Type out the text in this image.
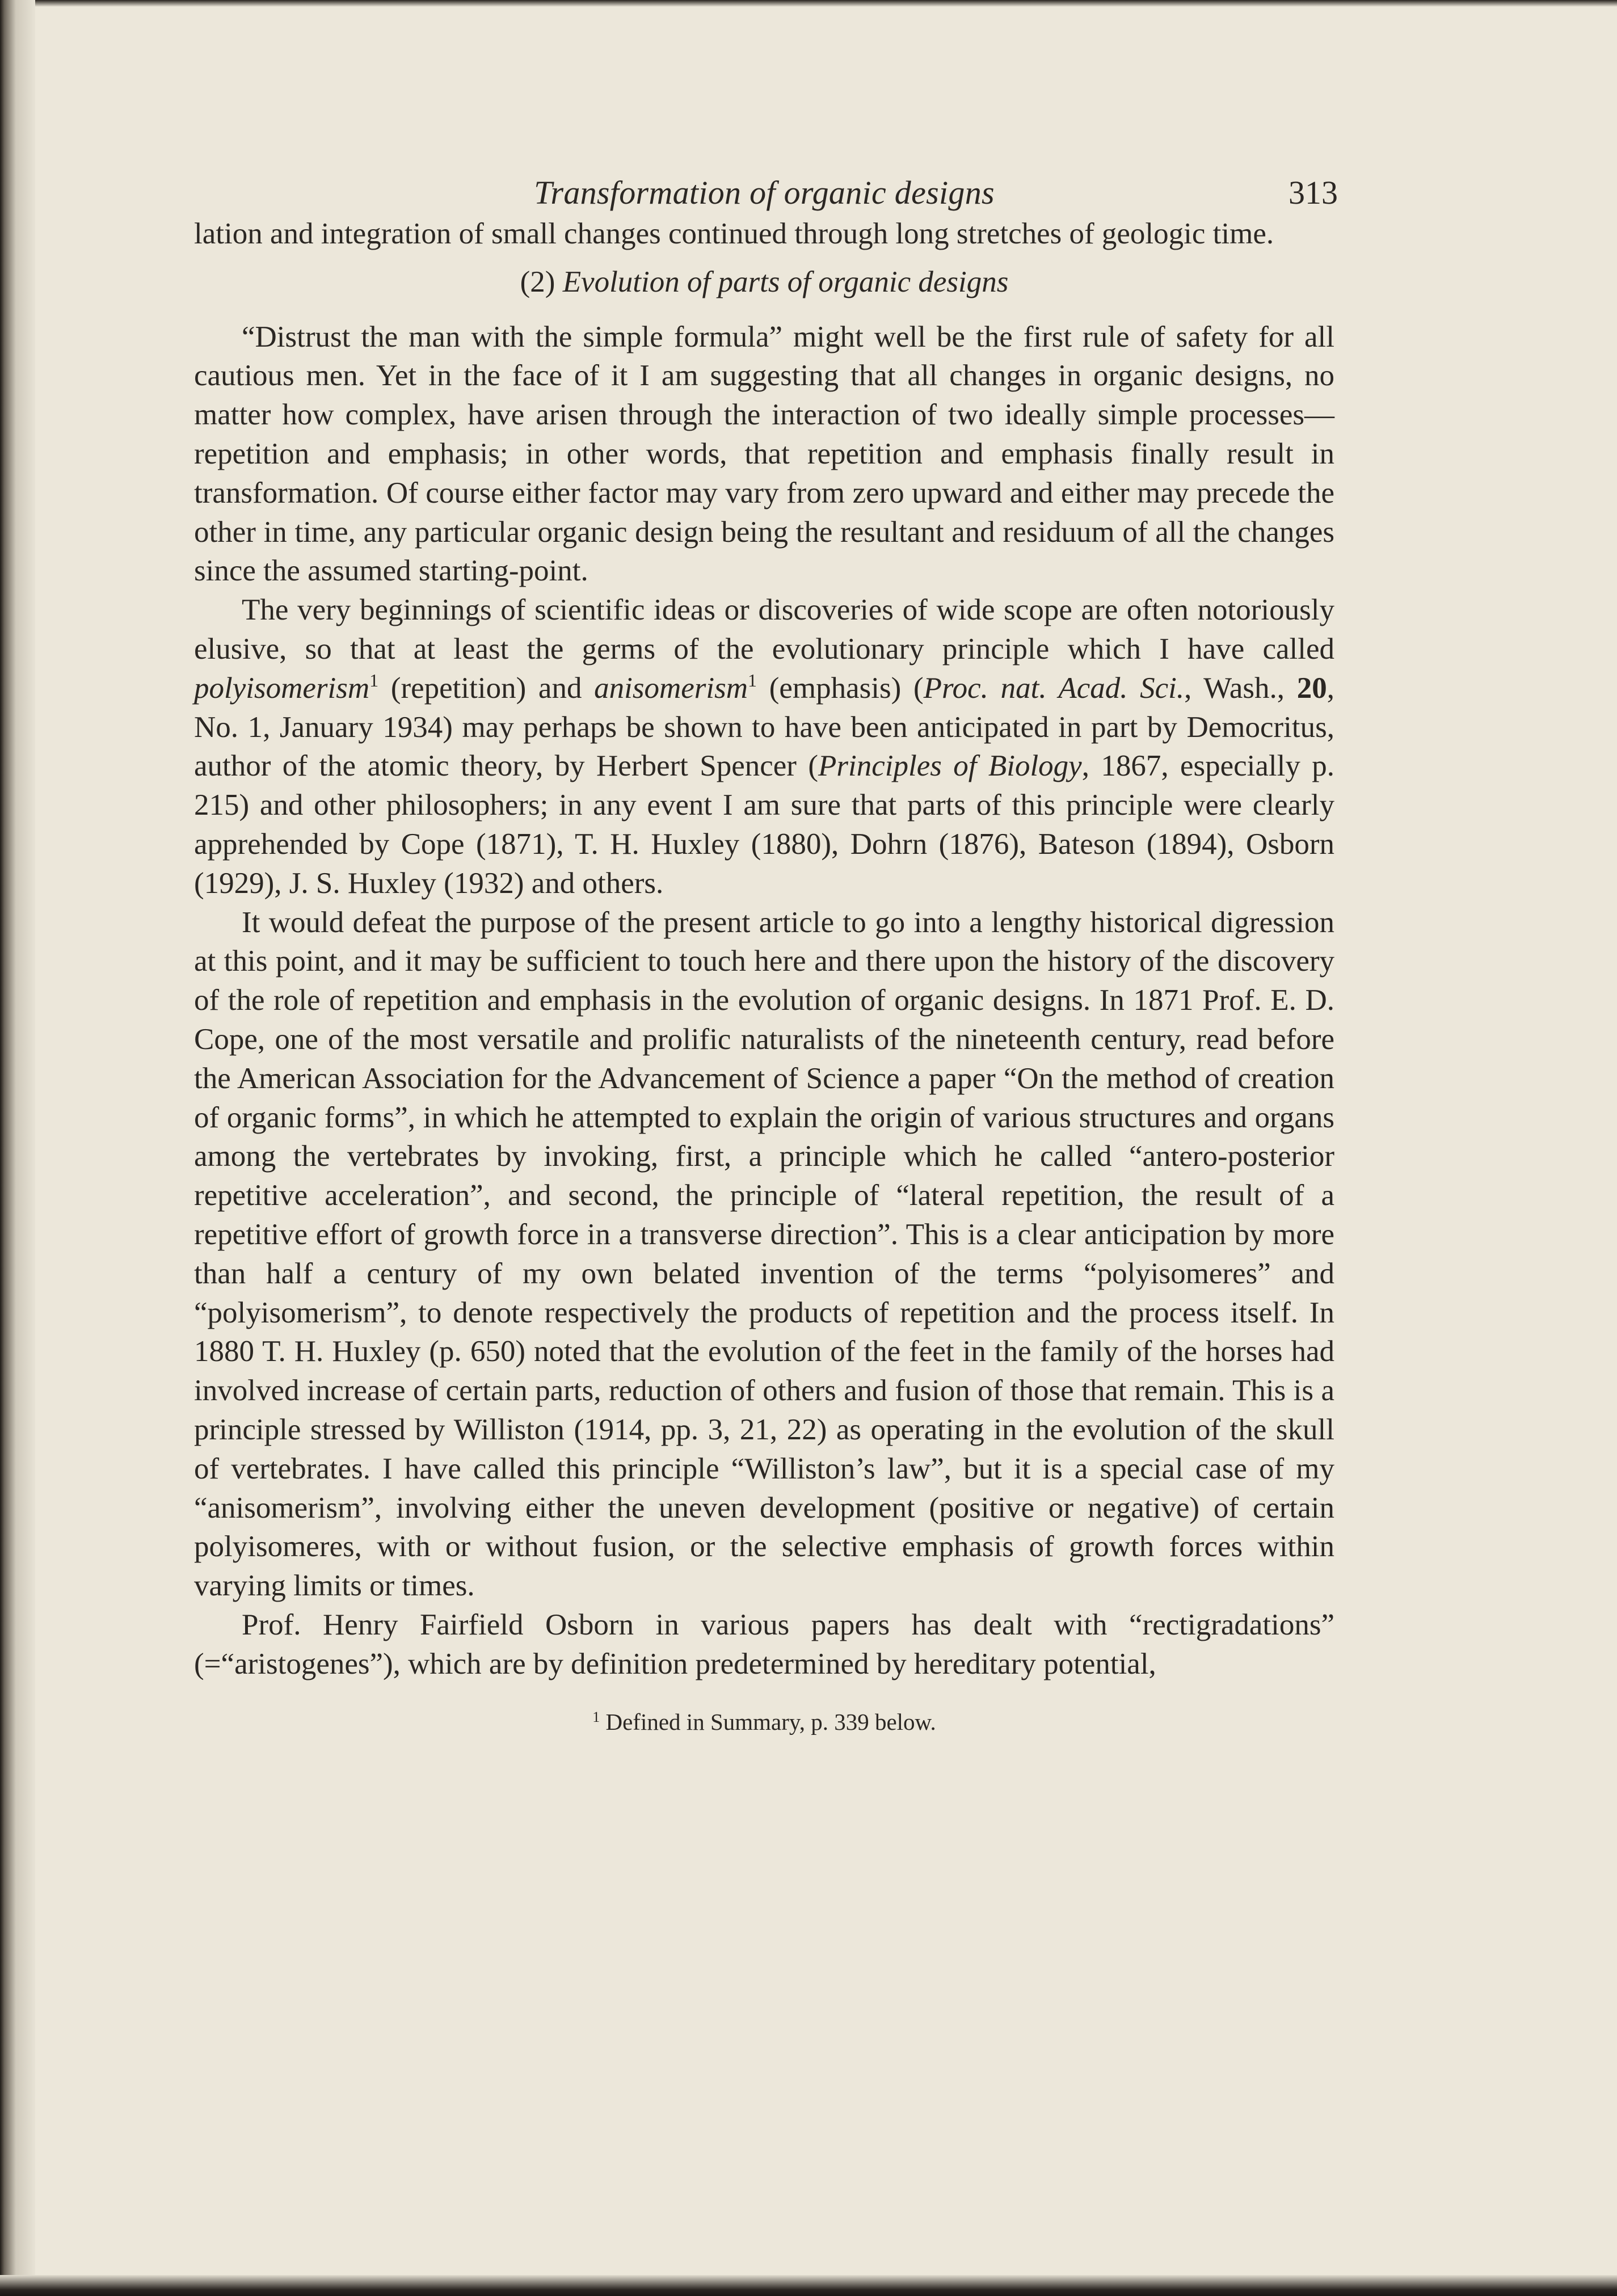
Transformation of organic designs	313

lation and integration of small changes continued through long stretches of geologic time.

(2) Evolution of parts of organic designs

“Distrust the man with the simple formula” might well be the first rule of safety for all cautious men. Yet in the face of it I am suggesting that all changes in organic designs, no matter how complex, have arisen through the interaction of two ideally simple processes—repetition and emphasis; in other words, that repetition and emphasis finally result in transformation. Of course either factor may vary from zero upward and either may precede the other in time, any particular organic design being the resultant and residuum of all the changes since the assumed starting-point.

The very beginnings of scientific ideas or discoveries of wide scope are often notoriously elusive, so that at least the germs of the evolutionary principle which I have called polyisomerism$^1$ (repetition) and anisomerism$^1$ (emphasis) (Proc. nat. Acad. Sci., Wash., 20, No. 1, January 1934) may perhaps be shown to have been anticipated in part by Democritus, author of the atomic theory, by Herbert Spencer (Principles of Biology, 1867, especially p. 215) and other philosophers; in any event I am sure that parts of this principle were clearly apprehended by Cope (1871), T. H. Huxley (1880), Dohrn (1876), Bateson (1894), Osborn (1929), J. S. Huxley (1932) and others.

It would defeat the purpose of the present article to go into a lengthy historical digression at this point, and it may be sufficient to touch here and there upon the history of the discovery of the role of repetition and emphasis in the evolution of organic designs. In 1871 Prof. E. D. Cope, one of the most versatile and prolific naturalists of the nineteenth century, read before the American Association for the Advancement of Science a paper “On the method of creation of organic forms”, in which he attempted to explain the origin of various structures and organs among the vertebrates by invoking, first, a principle which he called “antero-posterior repetitive acceleration”, and second, the principle of “lateral repetition, the result of a repetitive effort of growth force in a transverse direction”. This is a clear anticipation by more than half a century of my own belated invention of the terms “polyisomeres” and “polyisomerism”, to denote respectively the products of repetition and the process itself. In 1880 T. H. Huxley (p. 650) noted that the evolution of the feet in the family of the horses had involved increase of certain parts, reduction of others and fusion of those that remain. This is a principle stressed by Williston (1914, pp. 3, 21, 22) as operating in the evolution of the skull of vertebrates. I have called this principle “Williston’s law”, but it is a special case of my “anisomerism”, involving either the uneven development (positive or negative) of certain polyisomeres, with or without fusion, or the selective emphasis of growth forces within varying limits or times.

Prof. Henry Fairfield Osborn in various papers has dealt with “rectigradations” (=“aristogenes”), which are by definition predetermined by hereditary potential,

$^1$ Defined in Summary, p. 339 below.
